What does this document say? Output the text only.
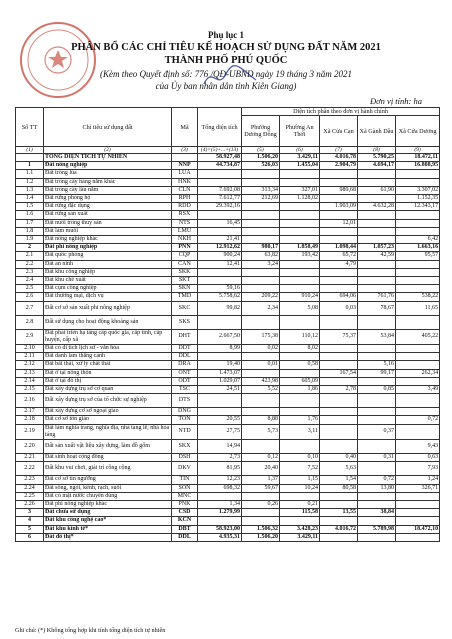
Phụ lục 1
PHÂN BỔ CÁC CHỈ TIÊU KẾ HOẠCH SỬ DỤNG ĐẤT NĂM 2021
THÀNH PHỐ PHÚ QUỐC
(Kèm theo Quyết định số: 776 /QĐ-UBND ngày 19 tháng 3 năm 2021
của Ủy ban nhân dân tỉnh Kiên Giang)
Đơn vị tính: ha
Số TT	Chỉ tiêu sử dụng đất	Mã	Tổng diện tích	Diện tích phân theo đơn vị hành chính				
				Phường Dương Đông	Phường An Thới	Xã Cửa Cạn	Xã Gành Dầu	Xã Cửa Dương
(1)	(2)	(3)	(4)=(5)+...+(13)	(5)	(6)	(7)	(8)	(9)
	TỔNG DIỆN TÍCH TỰ NHIÊN		58.927,48	1.506,20	3.429,11	4.016,78	5.790,25	18.472,11
1	Đất nông nghiệp	NNP	44.734,87	526,03	1.455,04	2.904,79	4.694,17	16.808,95
1.1	Đất trồng lúa	LUA						
1.2	Đất trồng cây hàng năm khác	HNK						
1.3	Đất trồng cây lâu năm	CLN	7.692,08	313,34	327,01	989,68	61,90	3.307,02
1.4	Đất rừng phòng hộ	RPH	7.612,77	212,69	1.128,02			1.152,35
1.5	Đất rừng đặc dụng	RDD	29.392,16			1.903,09	4.632,28	12.343,17
1.6	Đất rừng sản xuất	RSX						
1.7	Đất nuôi trồng thủy sản	NTS	16,45			12,01		
1.8	Đất làm muối	LMU						
1.9	Đất nông nghiệp khác	NKH	21,41					6,42
2	Đất phi nông nghiệp	PNN	12.912,62	980,17	1.858,49	1.098,44	1.057,23	1.663,16
2.1	Đất quốc phòng	CQP	900,24	63,82	193,42	65,72	42,59	95,57
2.2	Đất an ninh	CAN	12,41	3,24		4,79		
2.3	Đất khu công nghiệp	SKK						
2.4	Đất khu chế xuất	SKT						
2.5	Đất cụm công nghiệp	SKN	59,16					
2.6	Đất thương mại, dịch vụ	TMD	5.758,62	209,22	910,24	694,06	761,76	538,22
2.7	Đất cơ sở sản xuất phi nông nghiệp	SKC	99,82	2,34	5,08	0,03	78,67	11,65
2.8	Đất sử dụng cho hoạt động khoáng sản	SKS						
2.9	Đất phát triển hạ tầng cấp quốc gia, cấp tỉnh, cấp huyện, cấp xã	DHT	2.667,50	175,38	110,12	75,37	53,84	405,22
2.10	Đất có di tích lịch sử - văn hóa	DDT	8,99	0,02	8,02			
2.11	Đất danh lam thắng cảnh	DDL						
2.12	Đất bãi thải, xử lý chất thải	DRA	19,40	0,01	0,58		5,16	
2.13	Đất ở tại nông thôn	ONT	1.473,07			167,54	99,17	262,34
2.14	Đất ở tại đô thị	ODT	1.029,07	423,98	605,09			
2.15	Đất xây dựng trụ sở cơ quan	TSC	24,51	5,52	1,86	2,78	0,85	3,49
2.16	Đất xây dựng trụ sở của tổ chức sự nghiệp	DTS						
2.17	Đất xây dựng cơ sở ngoại giao	DNG						
2.18	Đất cơ sở tôn giáo	TON	20,55	8,88	1,76			0,72
2.19	Đất làm nghĩa trang, nghĩa địa, nhà tang lễ, nhà hỏa táng	NTD	27,75	5,73	3,11		0,37	
2.20	Đất sản xuất vật liệu xây dựng, làm đồ gốm	SKX	14,94					9,43
2.21	Đất sinh hoạt cộng đồng	DSH	2,73	0,12	0,10	0,40	0,31	0,63
2.22	Đất khu vui chơi, giải trí công cộng	DKV	81,95	20,40	7,52	5,63		7,93
2.23	Đất cơ sở tín ngưỡng	TIN	12,23	1,37	1,15	1,54	0,72	1,24
2.24	Đất sông, ngòi, kênh, rạch, suối	SON	698,32	59,67	10,24	80,58	13,80	326,71
2.25	Đất có mặt nước chuyên dùng	MNC						
2.26	Đất phi nông nghiệp khác	PNK	1,34	0,26	0,21			
3	Đất chưa sử dụng	CSD	1.279,99		115,58	13,55	38,84	
4	Đất khu công nghệ cao*	KCN						
5	Đất khu kinh tế*	DBT	58.923,00	1.506,32	3.428,23	4.016,72	5.789,98	18.472,10
6	Đất đô thị*	DDL	4.935,31	1.506,20	3.429,11			
Ghi chú: (*) Không tổng hợp khi tính tổng diện tích tự nhiên
